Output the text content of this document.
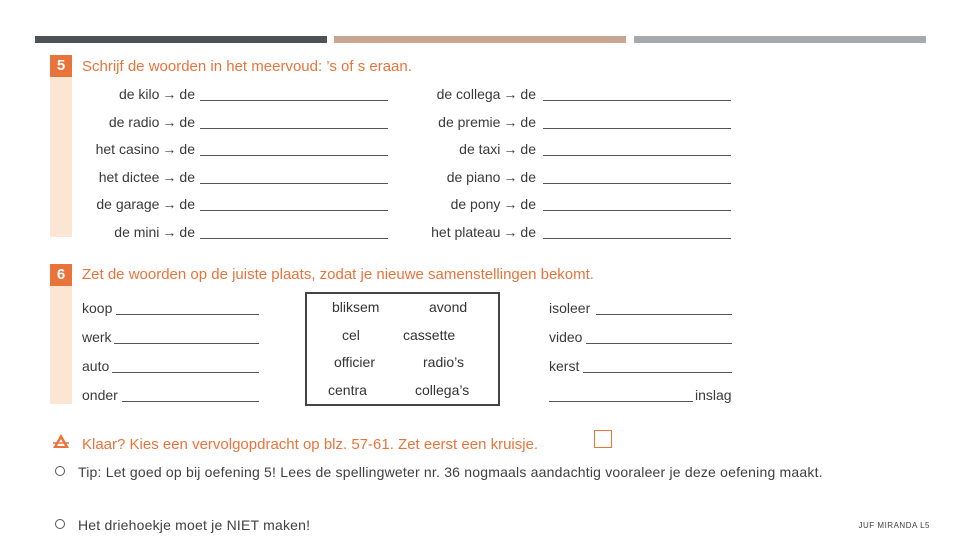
5	Schrijf de woorden in het meervoud: ’s of s eraan.
de kilo → de
de radio → de
het casino → de
het dictee → de
de garage → de
de mini → de
de collega → de
de premie → de
de taxi → de
de piano → de
de pony → de
het plateau → de
6	Zet de woorden op de juiste plaats, zodat je nieuwe samenstellingen bekomt.
koop
werk
auto
onder
bliksem	avond
cel	cassette
officier	radio’s
centra	collega’s
isoleer
video
kerst
inslag
Klaar? Kies een vervolgopdracht op blz. 57-61. Zet eerst een kruisje.
Tip: Let goed op bij oefening 5! Lees de spellingweter nr. 36 nogmaals aandachtig vooraleer je deze oefening maakt.
Het driehoekje moet je NIET maken!	JUF MIRANDA L5
